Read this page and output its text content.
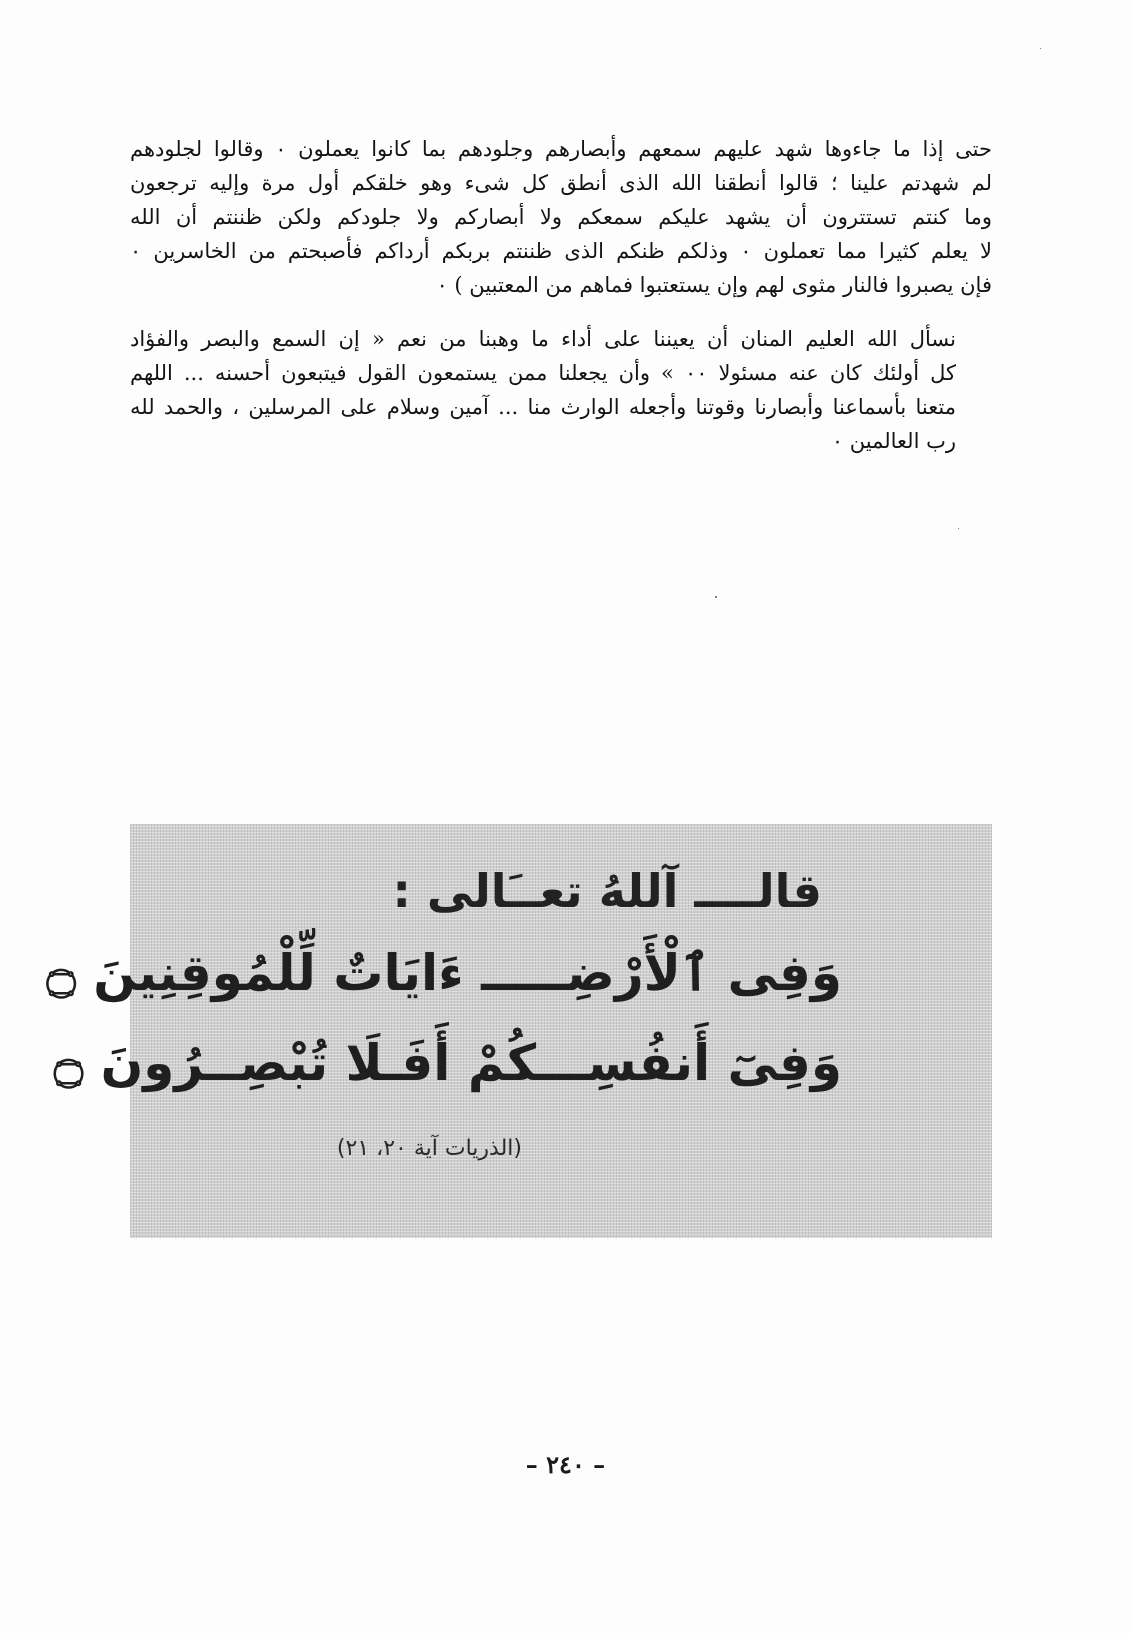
حتى إذا ما جاءوها شهد عليهم سمعهم وأبصارهم وجلودهم بما كانوا يعملون ٠ وقالوا لجلودهم
لم شهدتم علينا ؛ قالوا أنطقنا الله الذى أنطق كل شىء وهو خلقكم أول مرة وإليه ترجعون
وما كنتم تستترون أن يشهد عليكم سمعكم ولا أبصاركم ولا جلودكم ولكن ظننتم أن الله
لا يعلم كثيرا مما تعملون ٠ وذلكم ظنكم الذى ظننتم بربكم أرداكم فأصبحتم من الخاسرين ٠
فإن يصبروا فالنار مثوى لهم وإن يستعتبوا فماهم من المعتبين ) ٠

نسأل الله العليم المنان أن يعيننا على أداء ما وهبنا من نعم « إن السمع والبصر والفؤاد
كل أولئك كان عنه مسئولا ٠٠ » وأن يجعلنا ممن يستمعون القول فيتبعون أحسنه ... اللهم
متعنا بأسماعنا وأبصارنا وقوتنا وأجعله الوارث منا ... آمين وسلام على المرسلين ، والحمد لله
رب العالمين ٠

قالــــ آللهُ تعــَالى :
وَفِى ٱلْأَرْضِـــــ ءَايَاتٌ لِّلْمُوقِنِينَ ۝
وَفِىٓ أَنفُسِـــكُمْ أَفَـلَا تُبْصِــرُونَ ۝
(الذريات آية ٢٠، ٢١)
– ٢٤٠ –
